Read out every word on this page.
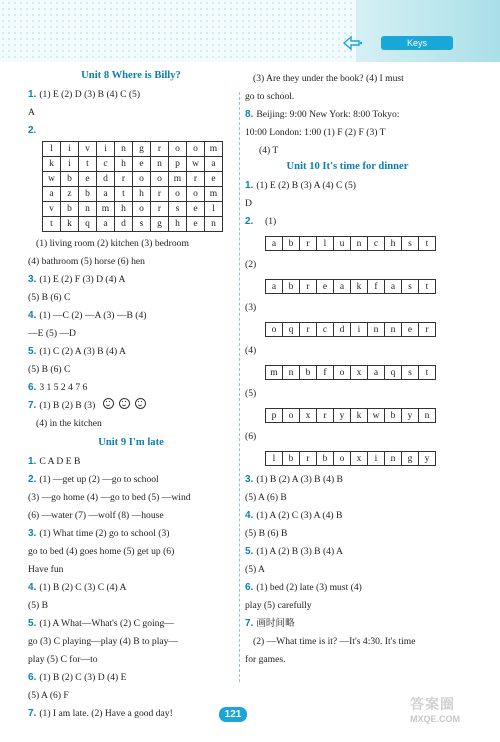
Keys
Unit 8 Where is Billy?
1. (1) E (2) D (3) B (4) C (5)
A
2.
l	i	v	i	n	g	r	o	o	m
k	i	t	c	h	e	n	p	w	a
w	b	e	d	r	o	o	m	r	e
a	z	b	a	t	h	r	o	o	m
v	b	n	m	h	o	r	s	e	l
t	k	q	a	d	s	g	h	e	n
(1) living room (2) kitchen (3) bedroom
(4) bathroom (5) horse (6) hen
3. (1) E (2) F (3) D (4) A
(5) B (6) C
4. (1) —C (2) —A (3) —B (4)
—E (5) —D
5. (1) C (2) A (3) B (4) A
(5) B (6) C
6. 3 1 5 2 4 7 6
7. (1) B (2) B (3)
(4) in the kitchen
Unit 9 I'm late
1. C A D E B
2. (1) —get up (2) —go to school
(3) —go home (4) —go to bed (5) —wind
(6) —water (7) —wolf (8) —house
3. (1) What time (2) go to school (3)
go to bed (4) goes home (5) get up (6)
Have fun
4. (1) B (2) C (3) C (4) A
(5) B
5. (1) A What—What's (2) C going—
go (3) C playing—play (4) B to play—
play (5) C for—to
6. (1) B (2) C (3) D (4) E
(5) A (6) F
7. (1) I am late. (2) Have a good day!
(3) Are they under the book? (4) I must
go to school.
8. Beijing: 9:00 New York: 8:00 Tokyo:
10:00 London: 1:00 (1) F (2) F (3) T
(4) T
Unit 10 It's time for dinner
1. (1) E (2) B (3) A (4) C (5)
D
2.	(1)
a	b	r	l	u	n	c	h	s	t
(2)
a	b	r	e	a	k	f	a	s	t
(3)
o	q	r	c	d	i	n	n	e	r
(4)
m	n	b	f	o	x	a	q	s	t
(5)
p	o	x	r	y	k	w	b	y	n
(6)
l	b	r	b	o	x	i	n	g	y
3. (1) B (2) A (3) B (4) B
(5) A (6) B
4. (1) A (2) C (3) A (4) B
(5) B (6) B
5. (1) A (2) B (3) B (4) A
(5) A
6. (1) bed (2) late (3) must (4)
play (5) carefully
7. 画时间略
(2) —What time is it? —It's 4:30. It's time
for games.
121
答案圈
MXQE.COM
